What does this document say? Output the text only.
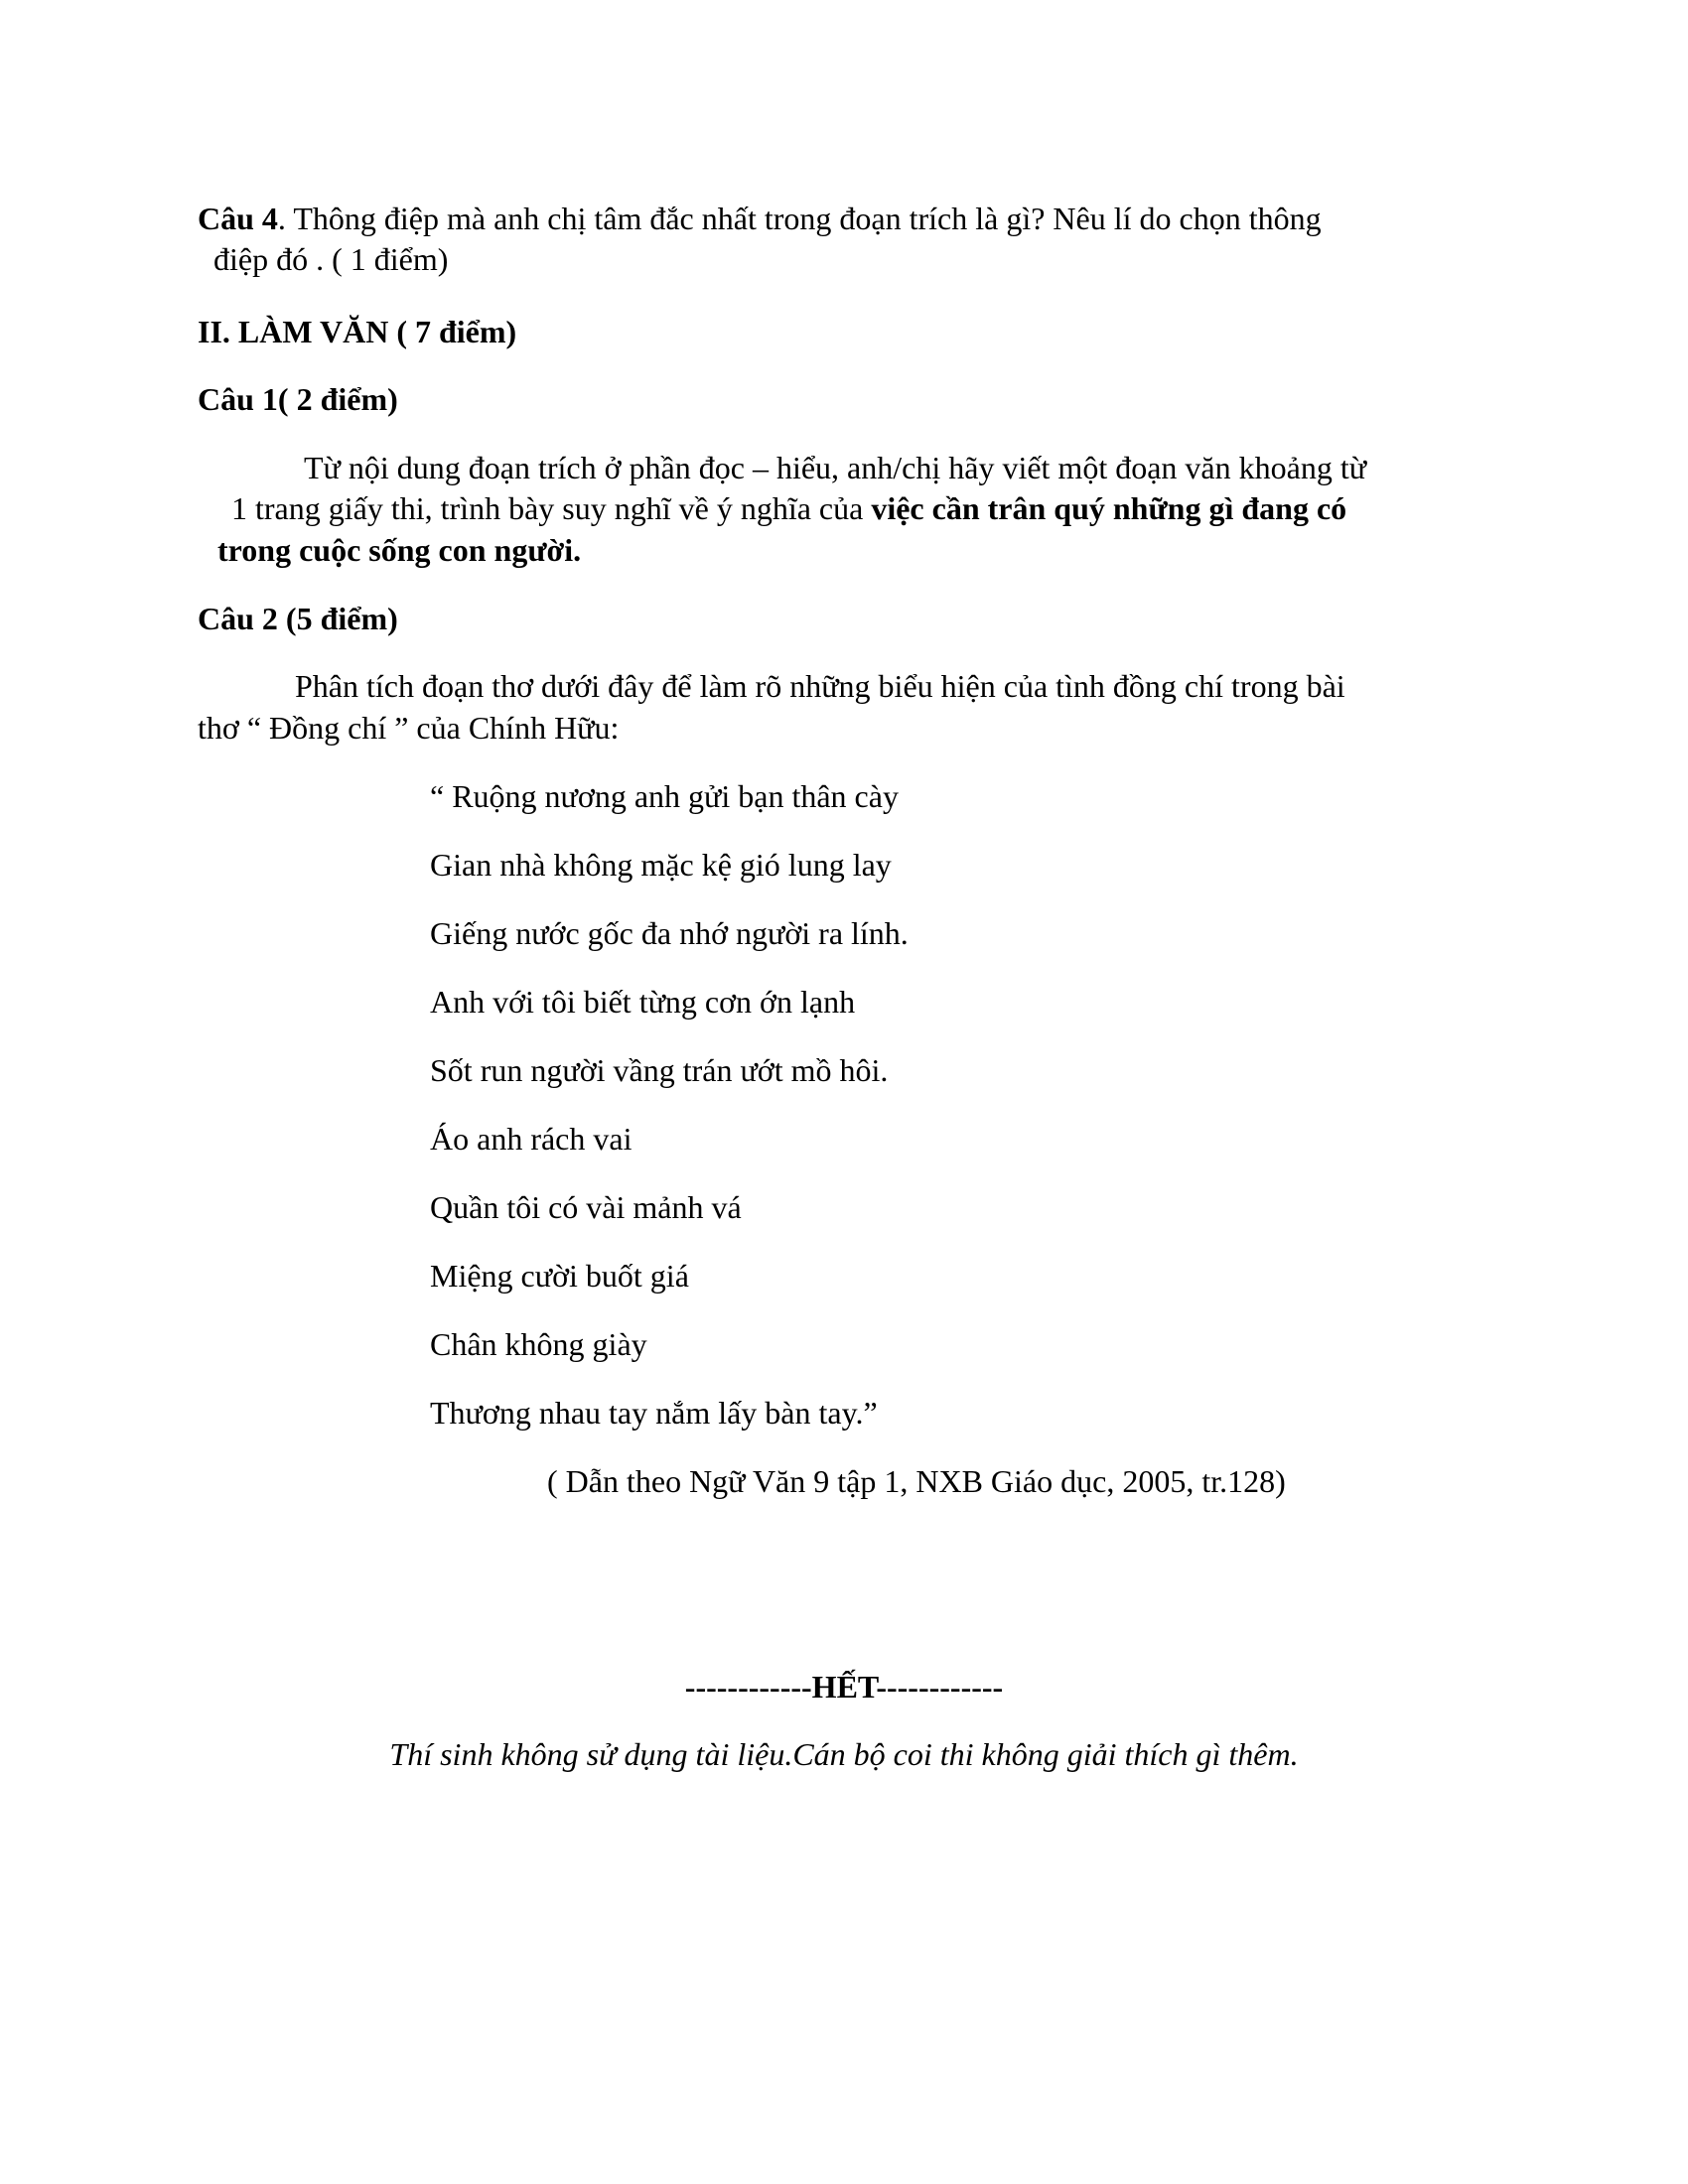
Câu 4. Thông điệp mà anh chị tâm đắc nhất trong đoạn trích là gì? Nêu lí do chọn thông
điệp đó . ( 1 điểm)
II. LÀM VĂN ( 7 điểm)
Câu 1( 2 điểm)
Từ nội dung đoạn trích ở phần đọc – hiểu, anh/chị hãy viết một đoạn văn khoảng từ
1 trang giấy thi, trình bày suy nghĩ về ý nghĩa của việc cần trân quý những gì đang có
trong cuộc sống con người.
Câu 2 (5 điểm)
Phân tích đoạn thơ dưới đây để làm rõ những biểu hiện của tình đồng chí trong bài
thơ “ Đồng chí ” của Chính Hữu:
“ Ruộng nương anh gửi bạn thân cày
Gian nhà không mặc kệ gió lung lay
Giếng nước gốc đa nhớ người ra lính.
Anh với tôi biết từng cơn ớn lạnh
Sốt run người vầng trán ướt mồ hôi.
Áo anh rách vai
Quần tôi có vài mảnh vá
Miệng cười buốt giá
Chân không giày
Thương nhau tay nắm lấy bàn tay.”
( Dẫn theo Ngữ Văn 9 tập 1, NXB Giáo dục, 2005, tr.128)
------------HẾT------------
Thí sinh không sử dụng tài liệu.Cán bộ coi thi không giải thích gì thêm.
